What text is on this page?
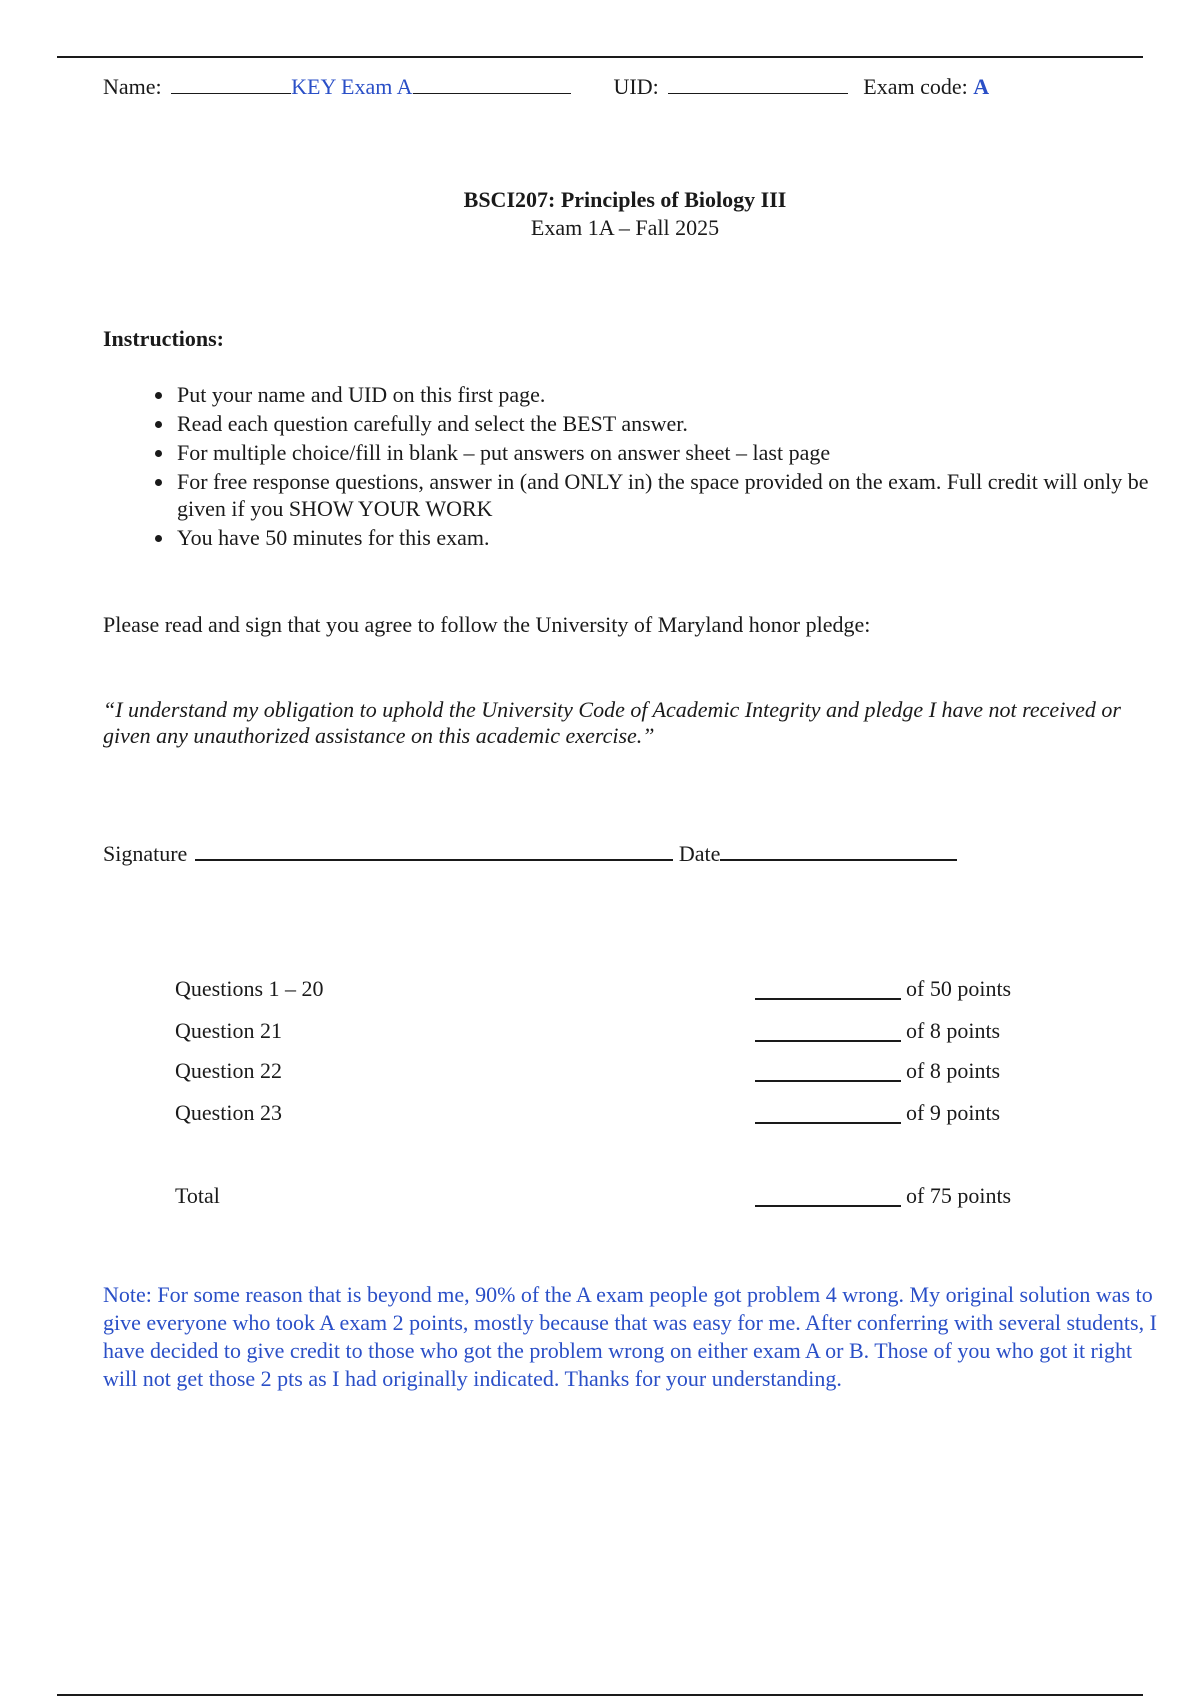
Name:	KEY Exam A	UID:	Exam code: A
BSCI207: Principles of Biology III
Exam 1A – Fall 2025
Instructions:
• Put your name and UID on this first page.
• Read each question carefully and select the BEST answer.
• For multiple choice/fill in blank – put answers on answer sheet – last page
• For free response questions, answer in (and ONLY in) the space provided on the exam. Full credit will only be given if you SHOW YOUR WORK
• You have 50 minutes for this exam.
Please read and sign that you agree to follow the University of Maryland honor pledge:
“I understand my obligation to uphold the University Code of Academic Integrity and pledge I have not received or given any unauthorized assistance on this academic exercise.”
Signature	Date
Questions 1 – 20	of 50 points
Question 21	of 8 points
Question 22	of 8 points
Question 23	of 9 points
Total	of 75 points
Note: For some reason that is beyond me, 90% of the A exam people got problem 4 wrong. My original solution was to give everyone who took A exam 2 points, mostly because that was easy for me. After conferring with several students, I have decided to give credit to those who got the problem wrong on either exam A or B. Those of you who got it right will not get those 2 pts as I had originally indicated. Thanks for your understanding.
